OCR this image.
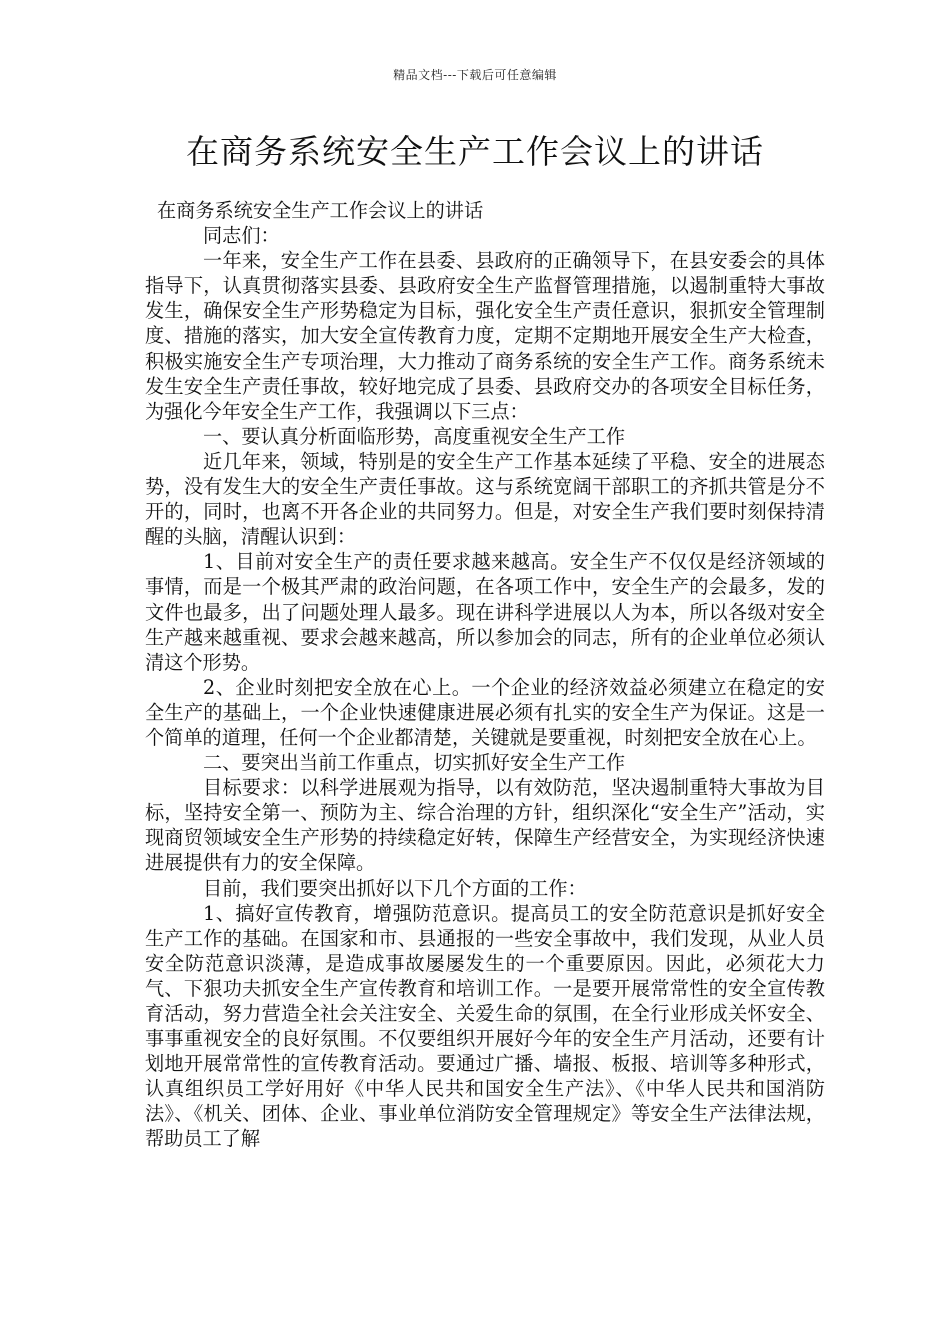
精品文档---下载后可任意编辑
在商务系统安全生产工作会议上的讲话

在商务系统安全生产工作会议上的讲话

同志们：

一年来，安全生产工作在县委、县政府的正确领导下，在县安委会的具体指导下，认真贯彻落实县委、县政府安全生产监督管理措施，以遏制重特大事故发生，确保安全生产形势稳定为目标，强化安全生产责任意识，狠抓安全管理制度、措施的落实，加大安全宣传教育力度，定期不定期地开展安全生产大检查，积极实施安全生产专项治理，大力推动了商务系统的安全生产工作。商务系统未发生安全生产责任事故，较好地完成了县委、县政府交办的各项安全目标任务，为强化今年安全生产工作，我强调以下三点：

一、要认真分析面临形势，高度重视安全生产工作

近几年来，领域，特别是的安全生产工作基本延续了平稳、安全的进展态势，没有发生大的安全生产责任事故。这与系统宽阔干部职工的齐抓共管是分不开的，同时，也离不开各企业的共同努力。但是，对安全生产我们要时刻保持清醒的头脑，清醒认识到：

1、目前对安全生产的责任要求越来越高。安全生产不仅仅是经济领域的事情，而是一个极其严肃的政治问题，在各项工作中，安全生产的会最多，发的文件也最多，出了问题处理人最多。现在讲科学进展以人为本，所以各级对安全生产越来越重视、要求会越来越高，所以参加会的同志，所有的企业单位必须认清这个形势。

2、企业时刻把安全放在心上。一个企业的经济效益必须建立在稳定的安全生产的基础上，一个企业快速健康进展必须有扎实的安全生产为保证。这是一个简单的道理，任何一个企业都清楚，关键就是要重视，时刻把安全放在心上。

二、要突出当前工作重点，切实抓好安全生产工作

目标要求：以科学进展观为指导，以有效防范，坚决遏制重特大事故为目标，坚持安全第一、预防为主、综合治理的方针，组织深化“安全生产”活动，实现商贸领域安全生产形势的持续稳定好转，保障生产经营安全，为实现经济快速进展提供有力的安全保障。

目前，我们要突出抓好以下几个方面的工作：

1、搞好宣传教育，增强防范意识。提高员工的安全防范意识是抓好安全生产工作的基础。在国家和市、县通报的一些安全事故中，我们发现，从业人员安全防范意识淡薄，是造成事故屡屡发生的一个重要原因。因此，必须花大力气、下狠功夫抓安全生产宣传教育和培训工作。一是要开展常常性的安全宣传教育活动，努力营造全社会关注安全、关爱生命的氛围，在全行业形成关怀安全、事事重视安全的良好氛围。不仅要组织开展好今年的安全生产月活动，还要有计划地开展常常性的宣传教育活动。要通过广播、墙报、板报、培训等多种形式，认真组织员工学好用好《中华人民共和国安全生产法》、《中华人民共和国消防法》、《机关、团体、企业、事业单位消防安全管理规定》等安全生产法律法规，帮助员工了解
